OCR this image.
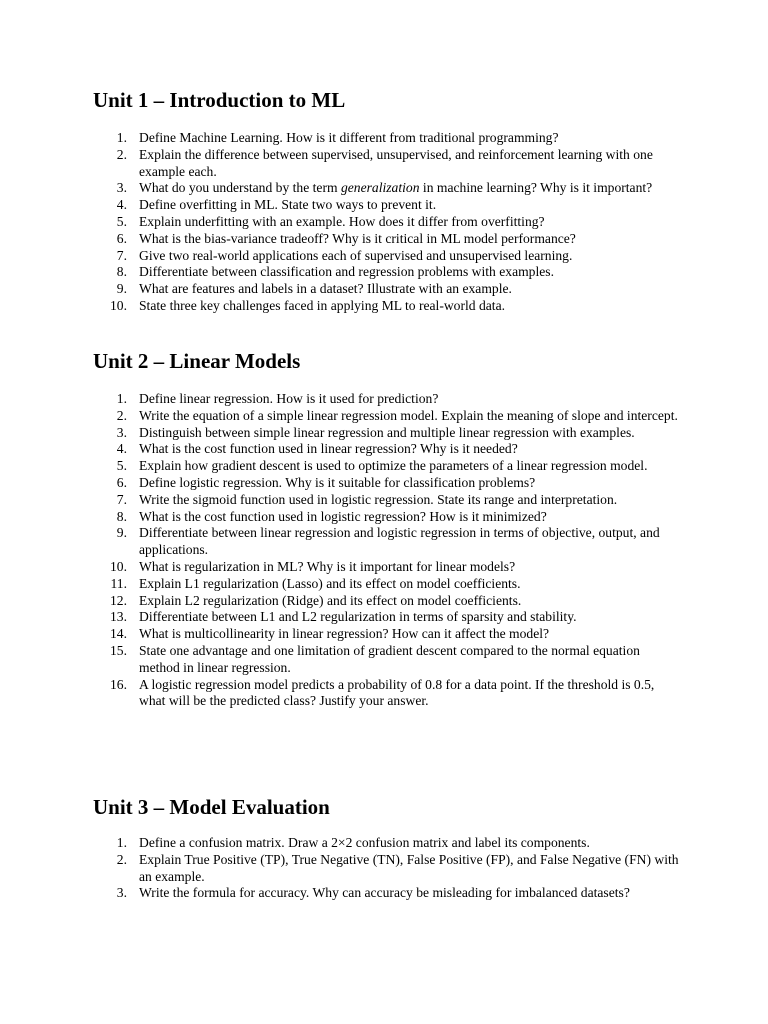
Unit 1 – Introduction to ML
1. Define Machine Learning. How is it different from traditional programming?
2. Explain the difference between supervised, unsupervised, and reinforcement learning with one example each.
3. What do you understand by the term generalization in machine learning? Why is it important?
4. Define overfitting in ML. State two ways to prevent it.
5. Explain underfitting with an example. How does it differ from overfitting?
6. What is the bias-variance tradeoff? Why is it critical in ML model performance?
7. Give two real-world applications each of supervised and unsupervised learning.
8. Differentiate between classification and regression problems with examples.
9. What are features and labels in a dataset? Illustrate with an example.
10. State three key challenges faced in applying ML to real-world data.
Unit 2 – Linear Models
1. Define linear regression. How is it used for prediction?
2. Write the equation of a simple linear regression model. Explain the meaning of slope and intercept.
3. Distinguish between simple linear regression and multiple linear regression with examples.
4. What is the cost function used in linear regression? Why is it needed?
5. Explain how gradient descent is used to optimize the parameters of a linear regression model.
6. Define logistic regression. Why is it suitable for classification problems?
7. Write the sigmoid function used in logistic regression. State its range and interpretation.
8. What is the cost function used in logistic regression? How is it minimized?
9. Differentiate between linear regression and logistic regression in terms of objective, output, and applications.
10. What is regularization in ML? Why is it important for linear models?
11. Explain L1 regularization (Lasso) and its effect on model coefficients.
12. Explain L2 regularization (Ridge) and its effect on model coefficients.
13. Differentiate between L1 and L2 regularization in terms of sparsity and stability.
14. What is multicollinearity in linear regression? How can it affect the model?
15. State one advantage and one limitation of gradient descent compared to the normal equation method in linear regression.
16. A logistic regression model predicts a probability of 0.8 for a data point. If the threshold is 0.5, what will be the predicted class? Justify your answer.
Unit 3 – Model Evaluation
1. Define a confusion matrix. Draw a 2×2 confusion matrix and label its components.
2. Explain True Positive (TP), True Negative (TN), False Positive (FP), and False Negative (FN) with an example.
3. Write the formula for accuracy. Why can accuracy be misleading for imbalanced datasets?
